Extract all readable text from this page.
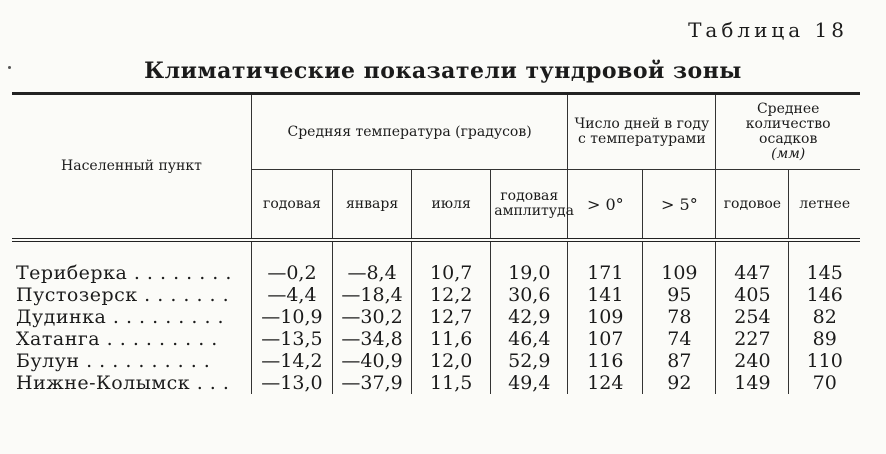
Таблица 18
Климатические показатели тундровой зоны
Населенный пункт	Средняя температура (градусов)				Число дней в году с температурами		Среднее количество осадков
(мм)	
	годовая	января	июля	годовая амплитуда	> 0°	> 5°	годовое	летнее
Териберка . . . . . . . .	—0,2	—8,4	10,7	19,0	171	109	447	145
Пустозерск . . . . . . .	—4,4	—18,4	12,2	30,6	141	95	405	146
Дудинка . . . . . . . . .	—10,9	—30,2	12,7	42,9	109	78	254	82
Хатанга . . . . . . . . .	—13,5	—34,8	11,6	46,4	107	74	227	89
Булун . . . . . . . . . .	—14,2	—40,9	12,0	52,9	116	87	240	110
Нижне-Колымск . . .	—13,0	—37,9	11,5	49,4	124	92	149	70
